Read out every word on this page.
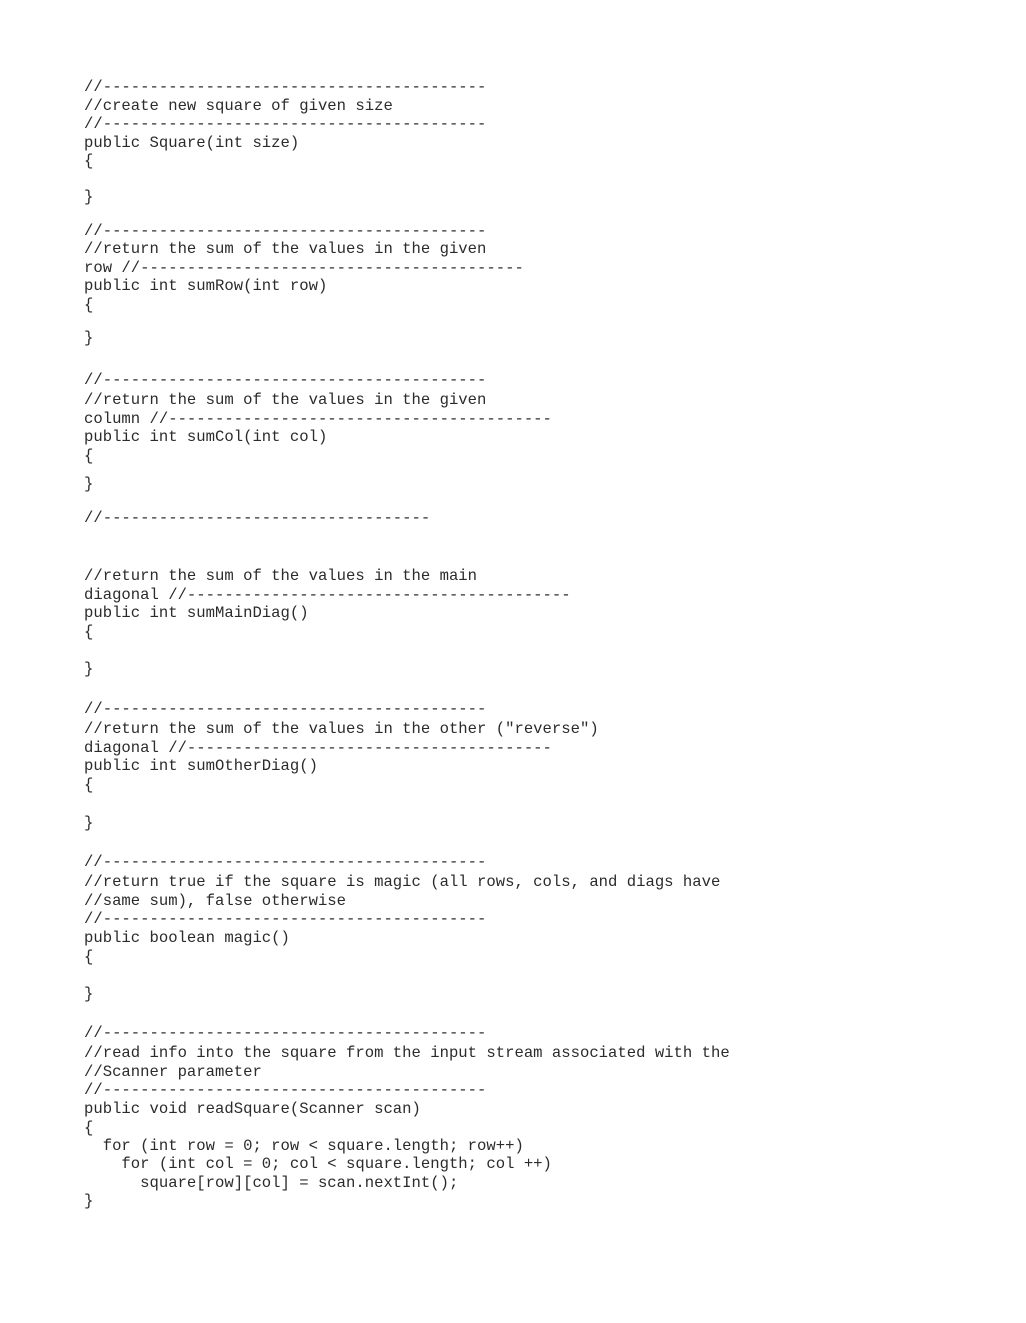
//-----------------------------------------

//create new square of given size

//-----------------------------------------

public Square(int size)

{

}

//-----------------------------------------

//return the sum of the values in the given

row //-----------------------------------------

public int sumRow(int row)

{

}

//-----------------------------------------

//return the sum of the values in the given

column //-----------------------------------------

public int sumCol(int col)

{

}

//-----------------------------------

//return the sum of the values in the main

diagonal //-----------------------------------------

public int sumMainDiag()

{

}

//-----------------------------------------

//return the sum of the values in the other ("reverse")

diagonal //---------------------------------------

public int sumOtherDiag()

{

}

//-----------------------------------------

//return true if the square is magic (all rows, cols, and diags have

//same sum), false otherwise

//-----------------------------------------

public boolean magic()

{

}

//-----------------------------------------

//read info into the square from the input stream associated with the

//Scanner parameter

//-----------------------------------------

public void readSquare(Scanner scan)

{

for (int row = 0; row < square.length; row++)

for (int col = 0; col < square.length; col ++)

square[row][col] = scan.nextInt();

}
